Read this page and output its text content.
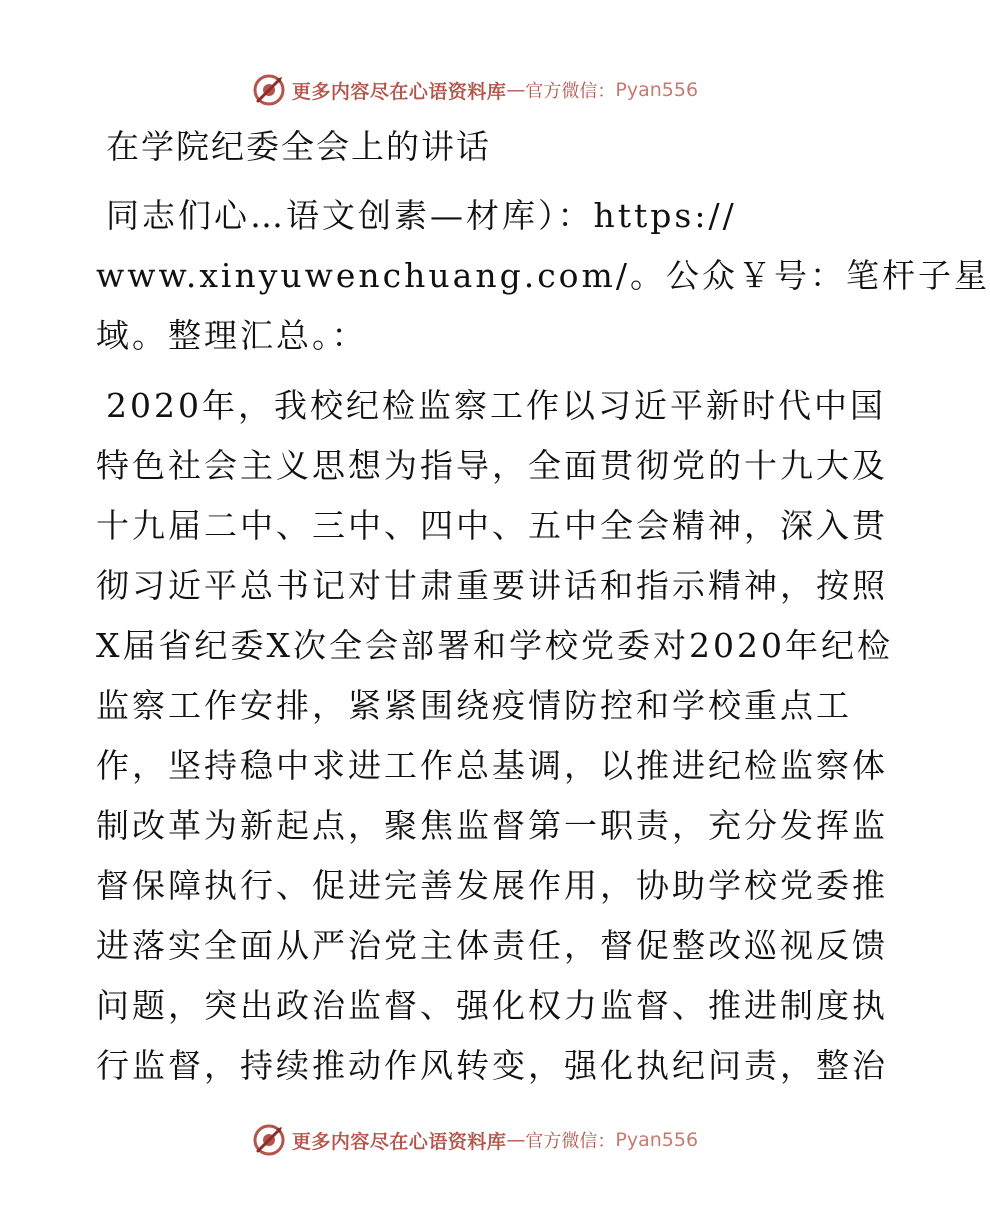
更多内容尽在心语资料库 — 官方微信： Pyan556
在学院纪委全会上的讲话
同志们心…语文创素—材库）：https://
www.xinyuwenchuang.com/。公众￥号：笔杆子星
域。整理汇总。：
2020年，我校纪检监察工作以习近平新时代中国
特色社会主义思想为指导，全面贯彻党的十九大及
十九届二中、三中、四中、五中全会精神，深入贯
彻习近平总书记对甘肃重要讲话和指示精神，按照
X届省纪委X次全会部署和学校党委对2020年纪检
监察工作安排，紧紧围绕疫情防控和学校重点工
作，坚持稳中求进工作总基调，以推进纪检监察体
制改革为新起点，聚焦监督第一职责，充分发挥监
督保障执行、促进完善发展作用，协助学校党委推
进落实全面从严治党主体责任，督促整改巡视反馈
问题，突出政治监督、强化权力监督、推进制度执
行监督，持续推动作风转变，强化执纪问责，整治
更多内容尽在心语资料库 — 官方微信： Pyan556
